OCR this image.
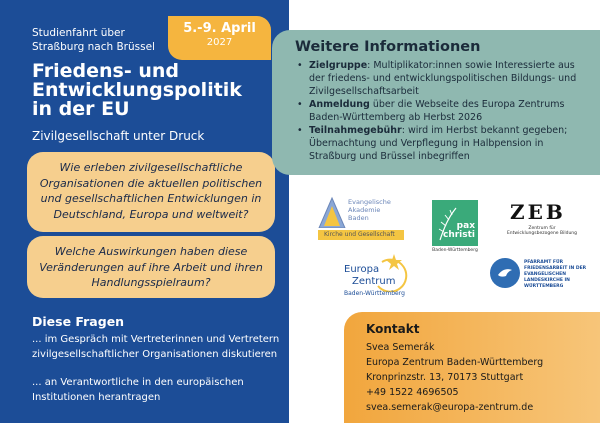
Studienfahrt über
Straßburg nach Brüssel
5.-9. April
2027
Friedens- und
Entwicklungspolitik
in der EU
Zivilgesellschaft unter Druck
Wie erleben zivilgesellschaftliche Organisationen die aktuellen politischen und gesellschaftlichen Entwicklungen in Deutschland, Europa und weltweit?
Welche Auswirkungen haben diese Veränderungen auf ihre Arbeit und ihren Handlungsspielraum?
Diese Fragen
... im Gespräch mit Vertreterinnen und Vertretern zivilgesellschaftlicher Organisationen diskutieren
... an Verantwortliche in den europäischen Institutionen herantragen
Weitere Informationen
• Zielgruppe: Multiplikator:innen sowie Interessierte aus der friedens- und entwicklungspolitischen Bildungs- und Zivilgesellschaftsarbeit
• Anmeldung über die Webseite des Europa Zentrums Baden-Württemberg ab Herbst 2026
• Teilnahmegebühr: wird im Herbst bekannt gegeben; Übernachtung und Verpflegung in Halbpension in Straßburg und Brüssel inbegriffen
Evangelische
Akademie
Baden
Kirche und Gesellschaft
pax
christi
Baden-Württemberg
ZEB
Zentrum für Entwicklungsbezogene Bildung
Europa
Zentrum
Baden-Württemberg
PFARRAMT FÜR FRIEDENSARBEIT IN DER EVANGELISCHEN LANDESKIRCHE IN WÜRTTEMBERG
Kontakt
Svea Semerák
Europa Zentrum Baden-Württemberg
Kronprinzstr. 13, 70173 Stuttgart
+49 1522 4696505
svea.semerak@europa-zentrum.de
